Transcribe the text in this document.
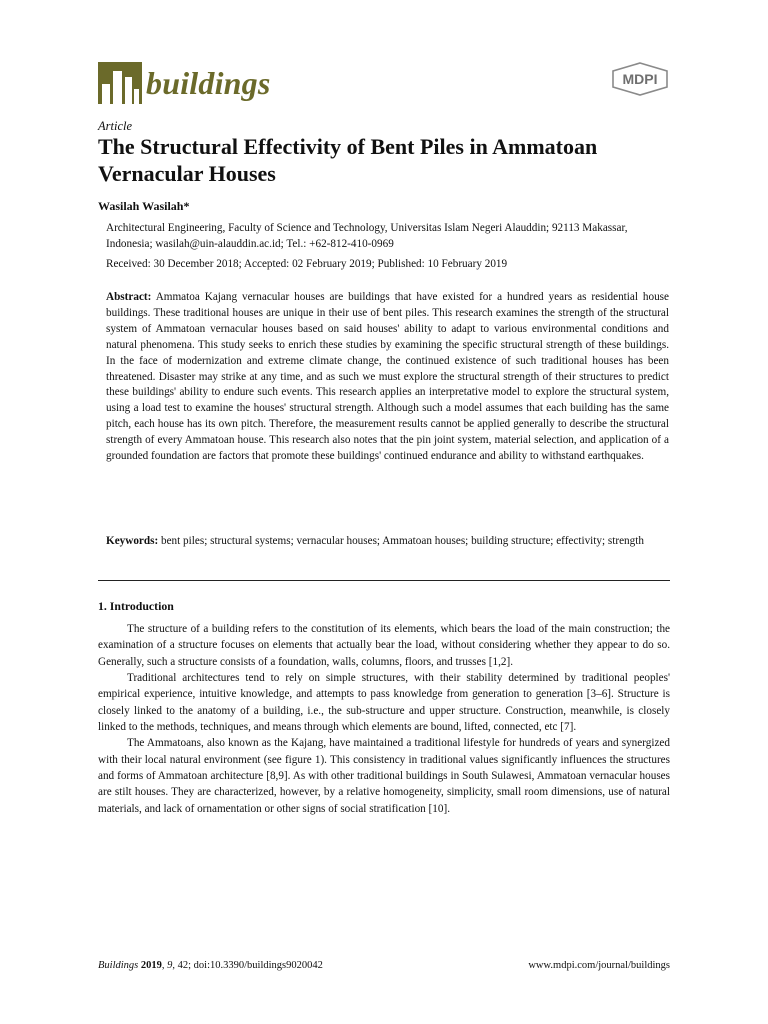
buildings	MDPI
Article
The Structural Effectivity of Bent Piles in Ammatoan Vernacular Houses
Wasilah Wasilah*
Architectural Engineering, Faculty of Science and Technology, Universitas Islam Negeri Alauddin; 92113 Makassar, Indonesia; wasilah@uin-alauddin.ac.id; Tel.: +62-812-410-0969
Received: 30 December 2018; Accepted: 02 February 2019; Published: 10 February 2019

Abstract: Ammatoa Kajang vernacular houses are buildings that have existed for a hundred years as residential house buildings. These traditional houses are unique in their use of bent piles. This research examines the strength of the structural system of Ammatoan vernacular houses based on said houses' ability to adapt to various environmental conditions and natural phenomena. This study seeks to enrich these studies by examining the specific structural strength of these buildings. In the face of modernization and extreme climate change, the continued existence of such traditional houses has been threatened. Disaster may strike at any time, and as such we must explore the structural strength of their structures to predict these buildings' ability to endure such events. This research applies an interpretative model to explore the structural system, using a load test to examine the houses' structural strength. Although such a model assumes that each building has the same pitch, each house has its own pitch. Therefore, the measurement results cannot be applied generally to describe the structural strength of every Ammatoan house. This research also notes that the pin joint system, material selection, and application of a grounded foundation are factors that promote these buildings' continued endurance and ability to withstand earthquakes.

Keywords: bent piles; structural systems; vernacular houses; Ammatoan houses; building structure; effectivity; strength

1. Introduction

The structure of a building refers to the constitution of its elements, which bears the load of the main construction; the examination of a structure focuses on elements that actually bear the load, without considering whether they appear to do so. Generally, such a structure consists of a foundation, walls, columns, floors, and trusses [1,2].

Traditional architectures tend to rely on simple structures, with their stability determined by traditional peoples' empirical experience, intuitive knowledge, and attempts to pass knowledge from generation to generation [3–6]. Structure is closely linked to the anatomy of a building, i.e., the sub-structure and upper structure. Construction, meanwhile, is closely linked to the methods, techniques, and means through which elements are bound, lifted, connected, etc [7].

The Ammatoans, also known as the Kajang, have maintained a traditional lifestyle for hundreds of years and synergized with their local natural environment (see figure 1). This consistency in traditional values significantly influences the structures and forms of Ammatoan architecture [8,9]. As with other traditional buildings in South Sulawesi, Ammatoan vernacular houses are stilt houses. They are characterized, however, by a relative homogeneity, simplicity, small room dimensions, use of natural materials, and lack of ornamentation or other signs of social stratification [10].

Buildings 2019, 9, 42; doi:10.3390/buildings9020042	www.mdpi.com/journal/buildings
